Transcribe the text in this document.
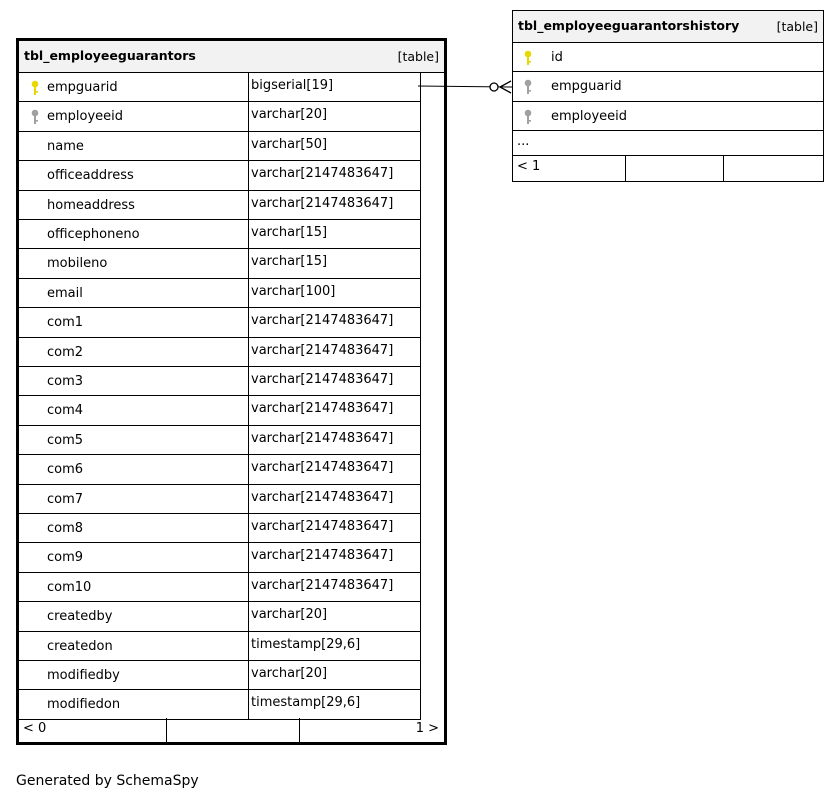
tbl_employeeguarantors	[table]
empguarid	bigserial[19]
employeeid	varchar[20]
name	varchar[50]
officeaddress	varchar[2147483647]
homeaddress	varchar[2147483647]
officephoneno	varchar[15]
mobileno	varchar[15]
email	varchar[100]
com1	varchar[2147483647]
com2	varchar[2147483647]
com3	varchar[2147483647]
com4	varchar[2147483647]
com5	varchar[2147483647]
com6	varchar[2147483647]
com7	varchar[2147483647]
com8	varchar[2147483647]
com9	varchar[2147483647]
com10	varchar[2147483647]
createdby	varchar[20]
createdon	timestamp[29,6]
modifiedby	varchar[20]
modifiedon	timestamp[29,6]
< 0	1 >
tbl_employeeguarantorshistory	[table]
id
empguarid
employeeid
...
< 1
Generated by SchemaSpy
